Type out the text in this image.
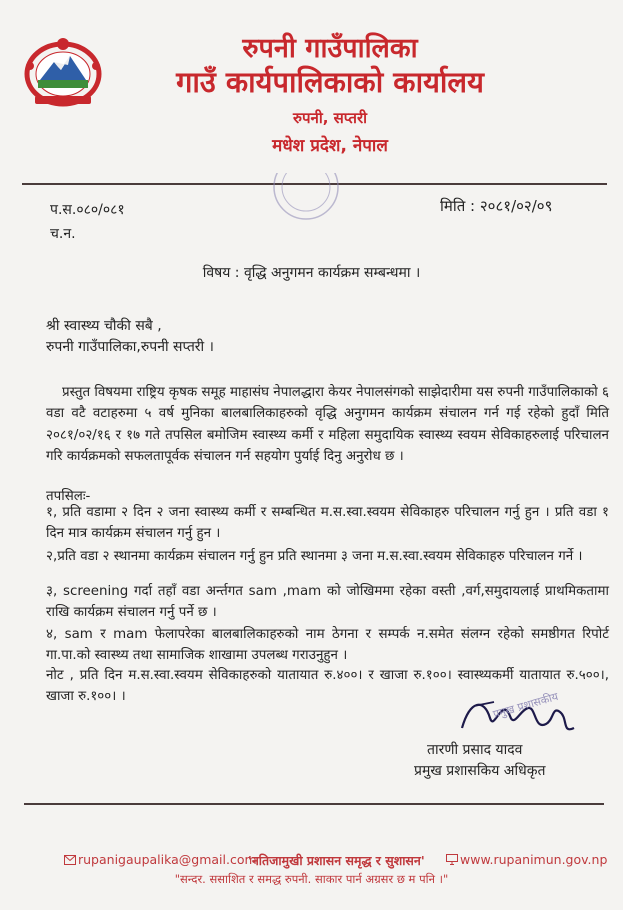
रुपनी गाउँपालिका
गाउँ कार्यपालिकाको कार्यालय
रुपनी, सप्तरी
मधेश प्रदेश, नेपाल
प.स.०८०/०८१
च.न.
मिति : २०८१/०२/०९
विषय : वृद्धि अनुगमन कार्यक्रम सम्बन्धमा ।
श्री स्वास्थ्य चौकी सबै ,
रुपनी गाउँपालिका,रुपनी सप्तरी ।
प्रस्तुत विषयमा राष्ट्रिय कृषक समूह माहासंघ नेपालद्धारा केयर नेपालसंगको साझेदारीमा यस रुपनी गाउँपालिकाको ६ वडा वटै वटाहरुमा ५ वर्ष मुनिका बालबालिकाहरुको वृद्धि अनुगमन कार्यक्रम संचालन गर्न गई रहेको हुदाँ मिति २०८१/०२/१६ र १७ गते तपसिल बमोजिम स्वास्थ्य कर्मी र महिला समुदायिक स्वास्थ्य स्वयम सेविकाहरुलाई परिचालन गरि कार्यक्रमको सफलतापूर्वक संचालन गर्न सहयोग पुर्याई दिनु अनुरोध छ ।
तपसिलः-
१, प्रति वडामा २ दिन २ जना स्वास्थ्य कर्मी र सम्बन्धित म.स.स्वा.स्वयम सेविकाहरु परिचालन गर्नु हुन । प्रति वडा १ दिन मात्र कार्यक्रम संचालन गर्नु हुन ।
२,प्रति वडा २ स्थानमा कार्यक्रम संचालन गर्नु हुन प्रति स्थानमा ३ जना म.स.स्वा.स्वयम सेविकाहरु परिचालन गर्ने ।
३, screening गर्दा तहाँ वडा अर्न्तगत sam ,mam को जोखिममा रहेका वस्ती ,वर्ग,समुदायलाई प्राथमिकतामा राखि कार्यक्रम संचालन गर्नु पर्ने छ ।
४, sam र mam फेलापरेका बालबालिकाहरुको नाम ठेगना र सम्पर्क न.समेत संलग्न रहेको समष्ठीगत रिपोर्ट गा.पा.को स्वास्थ्य तथा सामाजिक शाखामा उपलब्ध गराउनुहुन ।
नोट , प्रति दिन म.स.स्वा.स्वयम सेविकाहरुको यातायात रु.४००। र खाजा रु.१००। स्वास्थ्यकर्मी यातायात रु.५००।, खाजा रु.१००। ।	प्रमुख प्रशासकीय
तारणी प्रसाद यादव
प्रमुख प्रशासकिय अधिकृत
rupanigaupalika@gmail.com
'नतिजामुखी प्रशासन समृद्ध र सुशासन'	www.rupanimun.gov.np
"सन्दर. ससाशित र समद्ध रुपनी. साकार पार्न अग्रसर छ म पनि ।"
